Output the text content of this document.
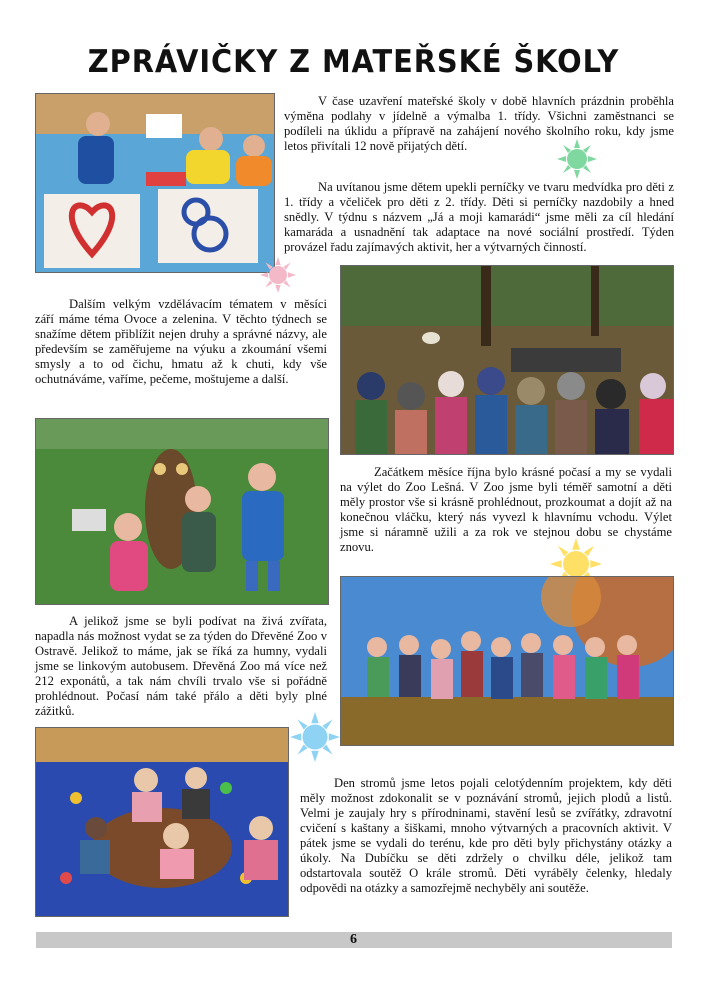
ZPRÁVIČKY Z MATEŘSKÉ ŠKOLY

V čase uzavření mateřské školy v době hlavních prázdnin proběhla výměna podlahy v jídelně a výmalba 1. třídy. Všichni zaměstnanci se podíleli na úklidu a přípravě na zahájení nového školního roku, kdy jsme letos přivítali 12 nově přijatých dětí.

Na uvítanou jsme dětem upekli perníčky ve tvaru medvídka pro děti z 1. třídy a včeliček pro děti z 2. třídy. Děti si perníčky nazdobily a hned snědly. V týdnu s názvem „Já a moji kamarádi“ jsme měli za cíl hledání kamaráda a usnadnění tak adaptace na nové sociální prostředí. Týden provázel řadu zajímavých aktivit, her a výtvarných činností.

Dalším velkým vzdělávacím tématem v měsíci září máme téma Ovoce a zelenina. V těchto týdnech se snažíme dětem přiblížit nejen druhy a správné názvy, ale především se zaměřujeme na výuku a zkoumání všemi smysly a to od čichu, hmatu až k chuti, kdy vše ochutnáváme, vaříme, pečeme, moštujeme a další.

Začátkem měsíce října bylo krásné počasí a my se vydali na výlet do Zoo Lešná. V Zoo jsme byli téměř samotní a děti měly prostor vše si krásně prohlédnout, prozkoumat a dojít až na konečnou vláčku, který nás vyvezl k hlavnímu vchodu. Výlet jsme si náramně užili a za rok ve stejnou dobu se chystáme znovu.

A jelikož jsme se byli podívat na živá zvířata, napadla nás možnost vydat se za týden do Dřevěné Zoo v Ostravě. Jelikož to máme, jak se říká za humny, vydali jsme se linkovým autobusem. Dřevěná Zoo má více než 212 exponátů, a tak nám chvíli trvalo vše si pořádně prohlédnout. Počasí nám také přálo a děti byly plné zážitků.

Den stromů jsme letos pojali celotýdenním projektem, kdy děti měly možnost zdokonalit se v poznávání stromů, jejich plodů a listů. Velmi je zaujaly hry s přírodninami, stavění lesů se zvířátky, zdravotní cvičení s kaštany a šiškami, mnoho výtvarných a pracovních aktivit. V pátek jsme se vydali do terénu, kde pro děti byly přichystány otázky a úkoly. Na Dubíčku se děti zdržely o chvilku déle, jelikož tam odstartovala soutěž O krále stromů. Děti vyráběly čelenky, hledaly odpovědi na otázky a samozřejmě nechyběly ani soutěže.

6
